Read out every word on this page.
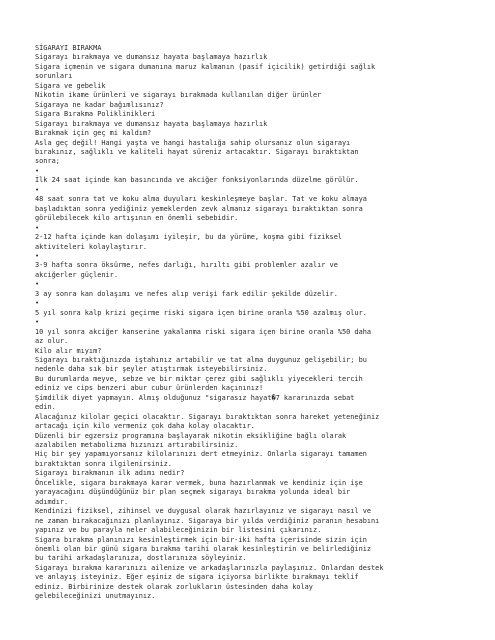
SİGARAYI BIRAKMA
Sigarayı bırakmaya ve dumansız hayata başlamaya hazırlık
Sigara içmenin ve sigara dumanına maruz kalmanın (pasif içicilik) getirdiği sağlık
sorunları
Sigara ve gebelik
Nikotin ikame ürünleri ve sigarayı bırakmada kullanılan diğer ürünler
Sigaraya ne kadar bağımlısınız?
Sigara Bırakma Poliklinikleri
Sigarayı bırakmaya ve dumansız hayata başlamaya hazırlık
Bırakmak için geç mi kaldım?
Asla geç değil! Hangi yaşta ve hangi hastalığa sahip olursanız olun sigarayı
bırakınız, sağlıklı ve kaliteli hayat süreniz artacaktır. Sigarayı bıraktıktan
sonra;
•
İlk 24 saat içinde kan basıncında ve akciğer fonksiyonlarında düzelme görülür.
•
48 saat sonra tat ve koku alma duyuları keskinleşmeye başlar. Tat ve koku almaya
başladıktan sonra yediğiniz yemeklerden zevk almanız sigarayı bıraktıktan sonra
görülebilecek kilo artışının en önemli sebebidir.
•
2-12 hafta içinde kan dolaşımı iyileşir, bu da yürüme, koşma gibi fiziksel
aktiviteleri kolaylaştırır.
•
3-9 hafta sonra öksürme, nefes darlığı, hırıltı gibi problemler azalır ve
akciğerler güçlenir.
•
3 ay sonra kan dolaşımı ve nefes alıp verişi fark edilir şekilde düzelir.
•
5 yıl sonra kalp krizi geçirme riski sigara içen birine oranla %50 azalmış olur.
•
10 yıl sonra akciğer kanserine yakalanma riski sigara içen birine oranla %50 daha
az olur.
Kilo alır mıyım?
Sigarayı bıraktığınızda iştahınız artabilir ve tat alma duygunuz gelişebilir; bu
nedenle daha sık bir şeyler atıştırmak isteyebilirsiniz.
Bu durumlarda meyve, sebze ve bir miktar çerez gibi sağlıklı yiyecekleri tercih
ediniz ve cips benzeri abur cubur ürünlerden kaçınınız!
Şimdilik diyet yapmayın. Almış olduğunuz "sigarasız hayat�7 kararınızda sebat
edin.
Alacağınız kilolar geçici olacaktır. Sigarayı bıraktıktan sonra hareket yeteneğiniz
artacağı için kilo vermeniz çok daha kolay olacaktır.
Düzenli bir egzersiz programına başlayarak nikotin eksikliğine bağlı olarak
azalabilen metabolizma hızınızı artırabilirsiniz.
Hiç bir şey yapamıyorsanız kilolarınızı dert etmeyiniz. Onlarla sigarayı tamamen
bıraktıktan sonra ilgilenirsiniz.
Sigarayı bırakmanın ilk adımı nedir?
Öncelikle, sigara bırakmaya karar vermek, buna hazırlanmak ve kendiniz için işe
yarayacağını düşündüğünüz bir plan seçmek sigarayı bırakma yolunda ideal bir
adımdır.
Kendinizi fiziksel, zihinsel ve duygusal olarak hazırlayınız ve sigarayı nasıl ve
ne zaman bırakacağınızı planlayınız. Sigaraya bir yılda verdiğiniz paranın hesabını
yapınız ve bu parayla neler alabileceğinizin bir listesini çıkarınız.
Sigara bırakma planınızı kesinleştirmek için bir-iki hafta içerisinde sizin için
önemli olan bir günü sigara bırakma tarihi olarak kesinleştirin ve belirlediğiniz
bu tarihi arkadaşlarınıza, dostlarınıza söyleyiniz.
Sigarayı bırakma kararınızı ailenize ve arkadaşlarınızla paylaşınız. Onlardan destek
ve anlayış isteyiniz. Eğer eşiniz de sigara içiyorsa birlikte bırakmayı teklif
ediniz. Birbirinize destek olarak zorlukların üstesinden daha kolay
gelebileceğinizi unutmayınız.
